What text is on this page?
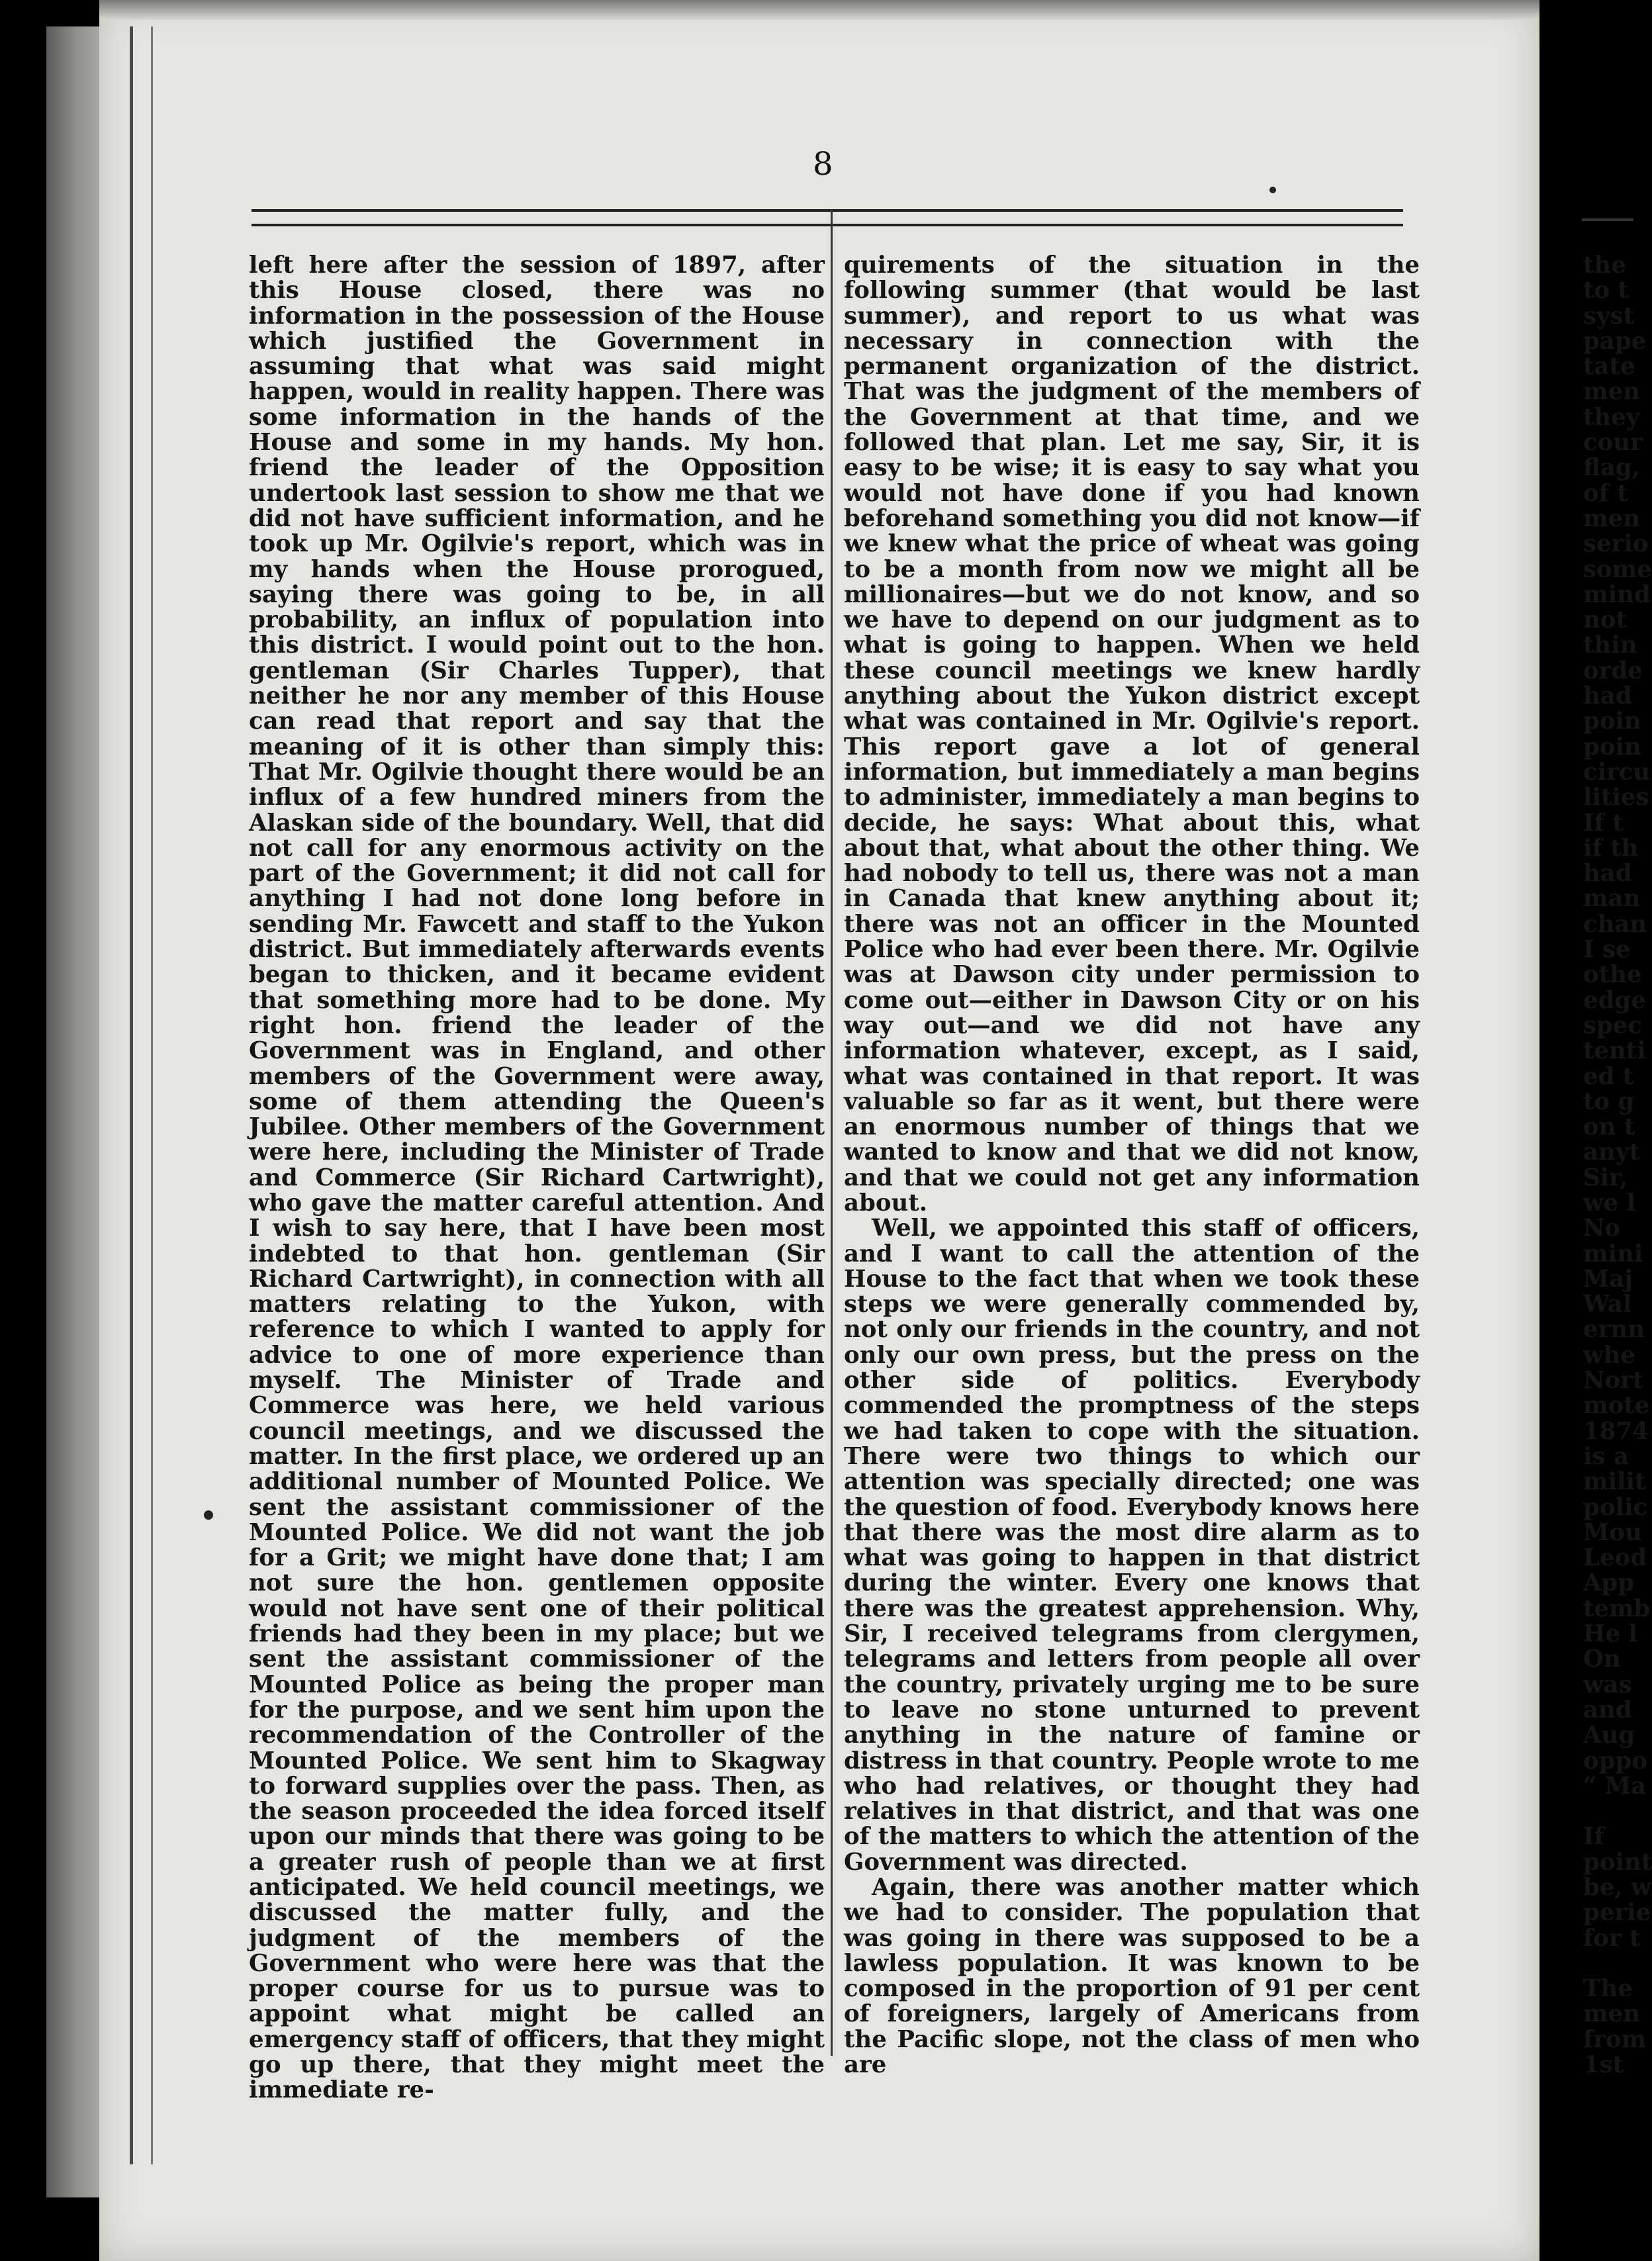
8

left here after the session of 1897, after this House closed, there was no information in the possession of the House which justified the Government in assuming that what was said might happen, would in reality happen. There was some information in the hands of the House and some in my hands. My hon. friend the leader of the Opposition undertook last session to show me that we did not have sufficient information, and he took up Mr. Ogilvie's report, which was in my hands when the House prorogued, saying there was going to be, in all probability, an influx of population into this district. I would point out to the hon. gentleman (Sir Charles Tupper), that neither he nor any member of this House can read that report and say that the meaning of it is other than simply this: That Mr. Ogilvie thought there would be an influx of a few hundred miners from the Alaskan side of the boundary. Well, that did not call for any enormous activity on the part of the Government; it did not call for anything I had not done long before in sending Mr. Fawcett and staff to the Yukon district. But immediately afterwards events began to thicken, and it became evident that something more had to be done. My right hon. friend the leader of the Government was in England, and other members of the Government were away, some of them attending the Queen's Jubilee. Other members of the Government were here, including the Minister of Trade and Commerce (Sir Richard Cartwright), who gave the matter careful attention. And I wish to say here, that I have been most indebted to that hon. gentleman (Sir Richard Cartwright), in connection with all matters relating to the Yukon, with reference to which I wanted to apply for advice to one of more experience than myself. The Minister of Trade and Commerce was here, we held various council meetings, and we discussed the matter. In the first place, we ordered up an additional number of Mounted Police. We sent the assistant commissioner of the Mounted Police. We did not want the job for a Grit; we might have done that; I am not sure the hon. gentlemen opposite would not have sent one of their political friends had they been in my place; but we sent the assistant commissioner of the Mounted Police as being the proper man for the purpose, and we sent him upon the recommendation of the Controller of the Mounted Police. We sent him to Skagway to forward supplies over the pass. Then, as the season proceeded the idea forced itself upon our minds that there was going to be a greater rush of people than we at first anticipated. We held council meetings, we discussed the matter fully, and the judgment of the members of the Government who were here was that the proper course for us to pursue was to appoint what might be called an emergency staff of officers, that they might go up there, that they might meet the immediate re-

quirements of the situation in the following summer (that would be last summer), and report to us what was necessary in connection with the permanent organization of the district. That was the judgment of the members of the Government at that time, and we followed that plan. Let me say, Sir, it is easy to be wise; it is easy to say what you would not have done if you had known beforehand something you did not know—if we knew what the price of wheat was going to be a month from now we might all be millionaires—but we do not know, and so we have to depend on our judgment as to what is going to happen. When we held these council meetings we knew hardly anything about the Yukon district except what was contained in Mr. Ogilvie's report. This report gave a lot of general information, but immediately a man begins to administer, immediately a man begins to decide, he says: What about this, what about that, what about the other thing. We had nobody to tell us, there was not a man in Canada that knew anything about it; there was not an officer in the Mounted Police who had ever been there. Mr. Ogilvie was at Dawson city under permission to come out—either in Dawson City or on his way out—and we did not have any information whatever, except, as I said, what was contained in that report. It was valuable so far as it went, but there were an enormous number of things that we wanted to know and that we did not know, and that we could not get any information about.

Well, we appointed this staff of officers, and I want to call the attention of the House to the fact that when we took these steps we were generally commended by, not only our friends in the country, and not only our own press, but the press on the other side of politics. Everybody commended the promptness of the steps we had taken to cope with the situation. There were two things to which our attention was specially directed; one was the question of food. Everybody knows here that there was the most dire alarm as to what was going to happen in that district during the winter. Every one knows that there was the greatest apprehension. Why, Sir, I received telegrams from clergymen, telegrams and letters from people all over the country, privately urging me to be sure to leave no stone unturned to prevent anything in the nature of famine or distress in that country. People wrote to me who had relatives, or thought they had relatives in that district, and that was one of the matters to which the attention of the Government was directed.

Again, there was another matter which we had to consider. The population that was going in there was supposed to be a lawless population. It was known to be composed in the proportion of 91 per cent of foreigners, largely of Americans from the Pacific slope, not the class of men who are

the
to t
syst
pape
tate
men
they
cour
flag,
of t
men
serio
some
mind
not
thin
orde
had
poin
poin
circu
lities
If t
if th
had
man
chan
I se
othe
edge
spec
tenti
ed t
to g
on t
anyt
Sir,
we l
No
mini
Maj
Wal
ernn
whe
Nort
mote
1874
is a
milit
polic
Mou
Leod
App
temb
He l
On
was
and
Aug
oppo
“ Ma
If
point
be, w
perie
for t
The
men
from
1st
